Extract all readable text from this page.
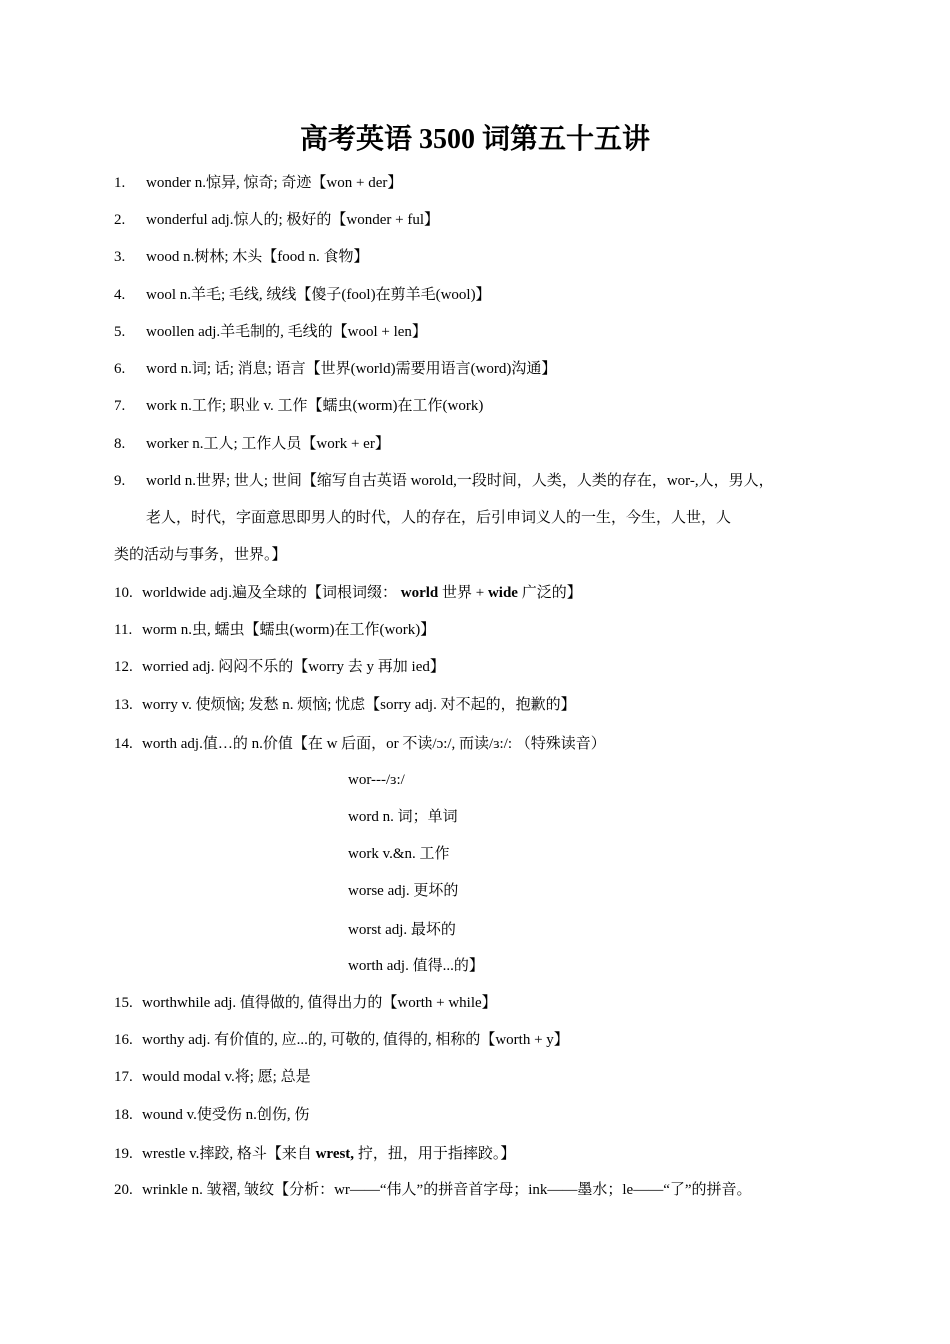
高考英语 3500 词第五十五讲
1. wonder n.惊异, 惊奇; 奇迹【won + der】
2. wonderful adj.惊人的; 极好的【wonder + ful】
3. wood n.树林; 木头【food n. 食物】
4. wool n.羊毛; 毛线, 绒线【傻子(fool)在剪羊毛(wool)】
5. woollen adj.羊毛制的, 毛线的【wool + len】
6. word n.词; 话; 消息; 语言【世界(world)需要用语言(word)沟通】
7. work n.工作; 职业 v. 工作【蠕虫(worm)在工作(work)
8. worker n.工人; 工作人员【work + er】
9. world n.世界; 世人; 世间【缩写自古英语 worold,一段时间，人类，人类的存在，wor-,人，男人，
老人，时代，字面意思即男人的时代，人的存在，后引申词义人的一生，今生，人世，人
类的活动与事务，世界。】
10. worldwide adj.遍及全球的【词根词缀： world 世界 + wide 广泛的】
11. worm n.虫, 蠕虫【蠕虫(worm)在工作(work)】
12. worried adj. 闷闷不乐的【worry 去 y 再加 ied】
13. worry v. 使烦恼; 发愁 n. 烦恼; 忧虑【sorry adj. 对不起的，抱歉的】
14. worth adj.值…的 n.价值【在 w 后面，or 不读/ɔ:/, 而读/ɜ:/: （特殊读音）
wor---/ɜ:/
word n. 词；单词
work v.&n. 工作
worse adj. 更坏的
worst adj. 最坏的
worth adj. 值得...的】
15. worthwhile adj. 值得做的, 值得出力的【worth + while】
16. worthy adj. 有价值的, 应...的, 可敬的, 值得的, 相称的【worth + y】
17. would modal v.将; 愿; 总是
18. wound v.使受伤 n.创伤, 伤
19. wrestle v.摔跤, 格斗【来自 wrest, 拧，扭，用于指摔跤。】
20. wrinkle n. 皱褶, 皱纹【分析：wr——“伟人”的拼音首字母；ink——墨水；le——“了”的拼音。
